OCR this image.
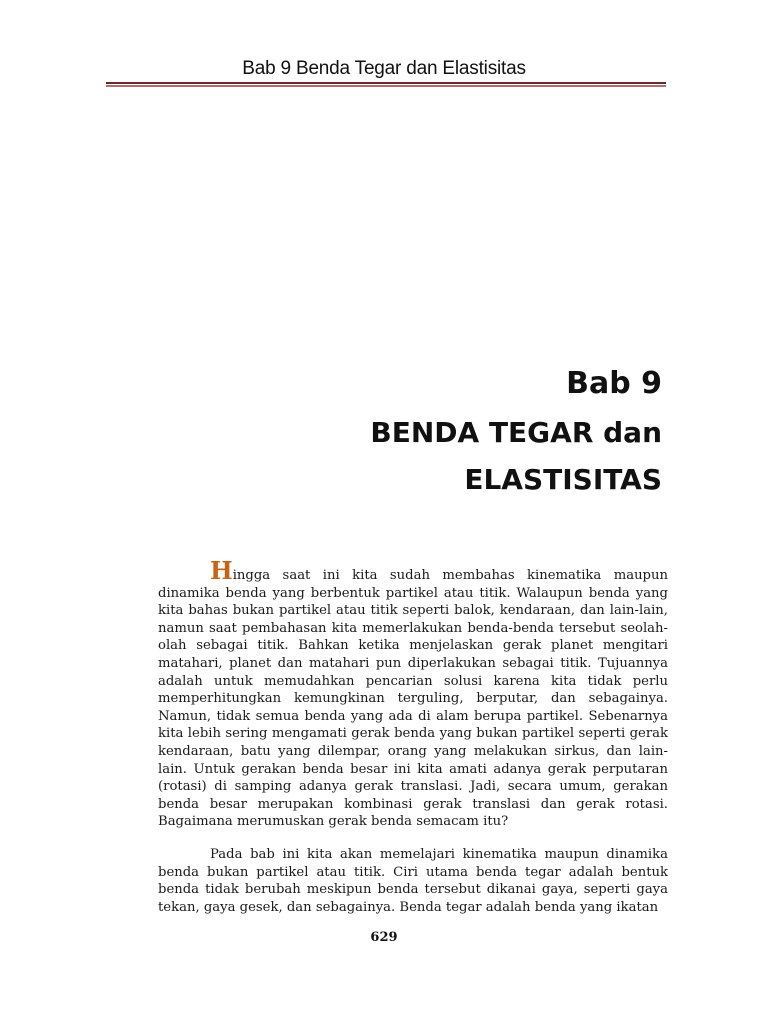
Bab 9 Benda Tegar dan Elastisitas
Bab 9
BENDA TEGAR dan
ELASTISITAS

Hingga saat ini kita sudah membahas kinematika maupun dinamika benda yang berbentuk partikel atau titik. Walaupun benda yang kita bahas bukan partikel atau titik seperti balok, kendaraan, dan lain-lain, namun saat pembahasan kita memerlakukan benda-benda tersebut seolah-olah sebagai titik. Bahkan ketika menjelaskan gerak planet mengitari matahari, planet dan matahari pun diperlakukan sebagai titik. Tujuannya adalah untuk memudahkan pencarian solusi karena kita tidak perlu memperhitungkan kemungkinan terguling, berputar, dan sebagainya. Namun, tidak semua benda yang ada di alam berupa partikel. Sebenarnya kita lebih sering mengamati gerak benda yang bukan partikel seperti gerak kendaraan, batu yang dilempar, orang yang melakukan sirkus, dan lain-lain. Untuk gerakan benda besar ini kita amati adanya gerak perputaran (rotasi) di samping adanya gerak translasi. Jadi, secara umum, gerakan benda besar merupakan kombinasi gerak translasi dan gerak rotasi. Bagaimana merumuskan gerak benda semacam itu?

Pada bab ini kita akan memelajari kinematika maupun dinamika benda bukan partikel atau titik. Ciri utama benda tegar adalah bentuk benda tidak berubah meskipun benda tersebut dikanai gaya, seperti gaya tekan, gaya gesek, dan sebagainya. Benda tegar adalah benda yang ikatan

629
